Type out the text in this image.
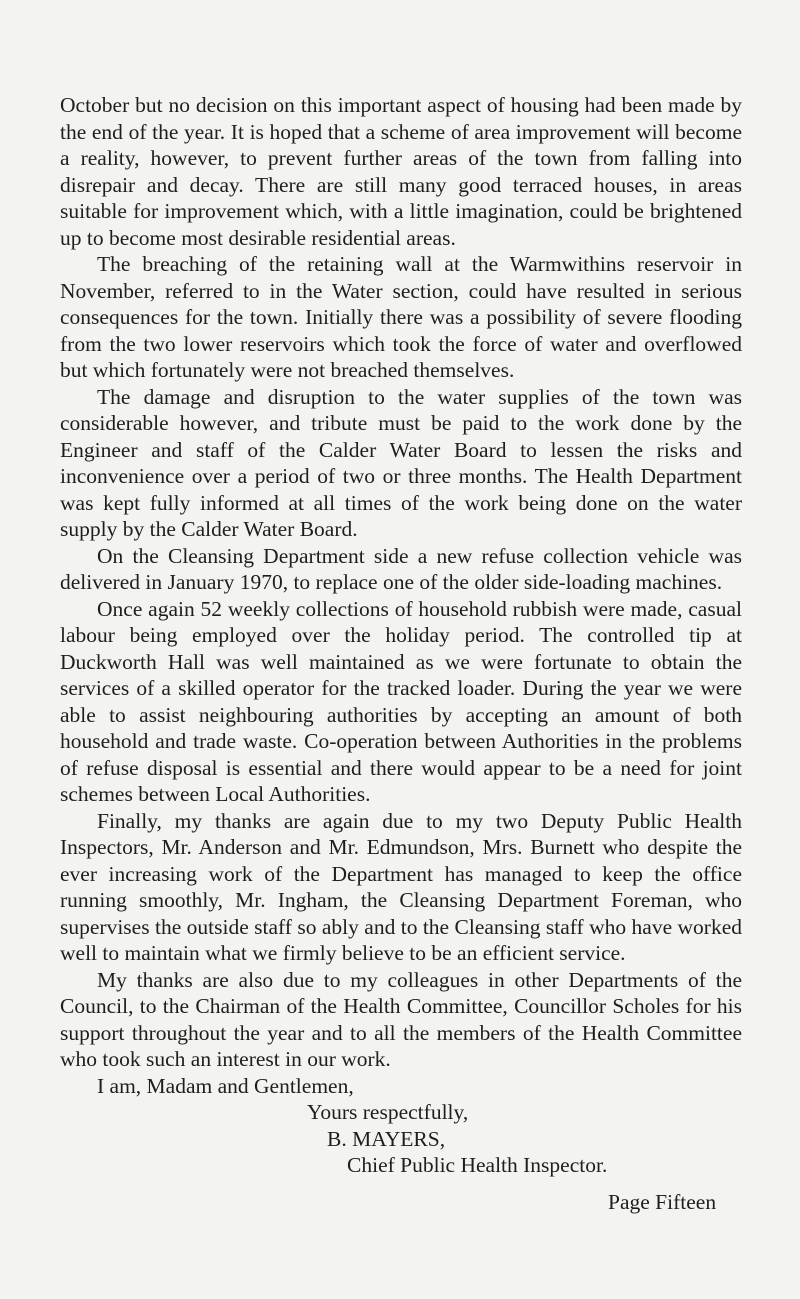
October but no decision on this important aspect of housing had been made by the end of the year. It is hoped that a scheme of area improvement will become a reality, however, to prevent further areas of the town from falling into disrepair and decay. There are still many good terraced houses, in areas suitable for improvement which, with a little imagination, could be brightened up to become most desirable residential areas.

The breaching of the retaining wall at the Warmwithins reservoir in November, referred to in the Water section, could have resulted in serious consequences for the town. Initially there was a possibility of severe flooding from the two lower reservoirs which took the force of water and overflowed but which fortunately were not breached themselves.

The damage and disruption to the water supplies of the town was considerable however, and tribute must be paid to the work done by the Engineer and staff of the Calder Water Board to lessen the risks and inconvenience over a period of two or three months. The Health Department was kept fully informed at all times of the work being done on the water supply by the Calder Water Board.

On the Cleansing Department side a new refuse collection vehicle was delivered in January 1970, to replace one of the older side-loading machines.

Once again 52 weekly collections of household rubbish were made, casual labour being employed over the holiday period. The controlled tip at Duckworth Hall was well maintained as we were fortunate to obtain the services of a skilled operator for the tracked loader. During the year we were able to assist neighbouring authorities by accepting an amount of both household and trade waste. Co-operation between Authorities in the problems of refuse disposal is essential and there would appear to be a need for joint schemes between Local Authorities.

Finally, my thanks are again due to my two Deputy Public Health Inspectors, Mr. Anderson and Mr. Edmundson, Mrs. Burnett who despite the ever increasing work of the Department has managed to keep the office running smoothly, Mr. Ingham, the Cleansing Department Foreman, who supervises the outside staff so ably and to the Cleansing staff who have worked well to maintain what we firmly believe to be an efficient service.

My thanks are also due to my colleagues in other Departments of the Council, to the Chairman of the Health Committee, Councillor Scholes for his support throughout the year and to all the members of the Health Committee who took such an interest in our work.

I am, Madam and Gentlemen,

Yours respectfully,

B. MAYERS,

Chief Public Health Inspector.

Page Fifteen
